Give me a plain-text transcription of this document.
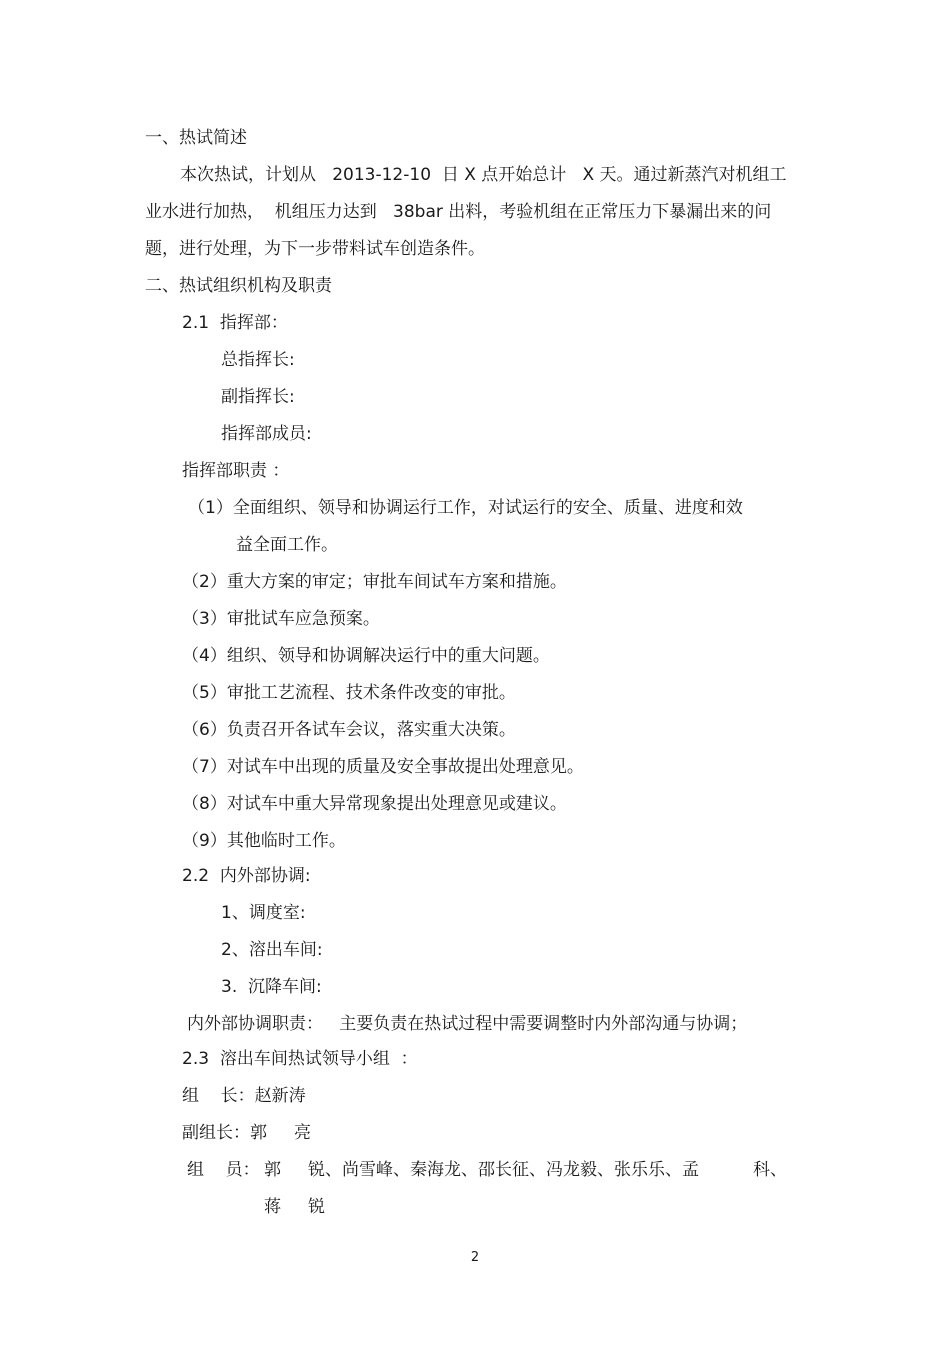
一、热试简述
本次热试，计划从   2013-12-10  日 X 点开始总计   X 天。通过新蒸汽对机组工
业水进行加热，  机组压力达到   38bar 出料，考验机组在正常压力下暴漏出来的问
题，进行处理，为下一步带料试车创造条件。
二、热试组织机构及职责
2.1  指挥部：
总指挥长:
副指挥长:
指挥部成员:
指挥部职责 ：
（1）全面组织、领导和协调运行工作，对试运行的安全、质量、进度和效
益全面工作。
（2）重大方案的审定；审批车间试车方案和措施。
（3）审批试车应急预案。
（4）组织、领导和协调解决运行中的重大问题。
（5）审批工艺流程、技术条件改变的审批。
（6）负责召开各试车会议，落实重大决策。
（7）对试车中出现的质量及安全事故提出处理意见。
（8）对试车中重大异常现象提出处理意见或建议。
（9）其他临时工作。
2.2  内外部协调:
1、调度室:
2、溶出车间:
3.  沉降车间:
内外部协调职责：   主要负责在热试过程中需要调整时内外部沟通与协调；
2.3  溶出车间热试领导小组  ：
组    长：赵新涛
副组长：郭     亮
组    员： 郭     锐、尚雪峰、秦海龙、邵长征、冯龙毅、张乐乐、孟          科、
蒋     锐
2
